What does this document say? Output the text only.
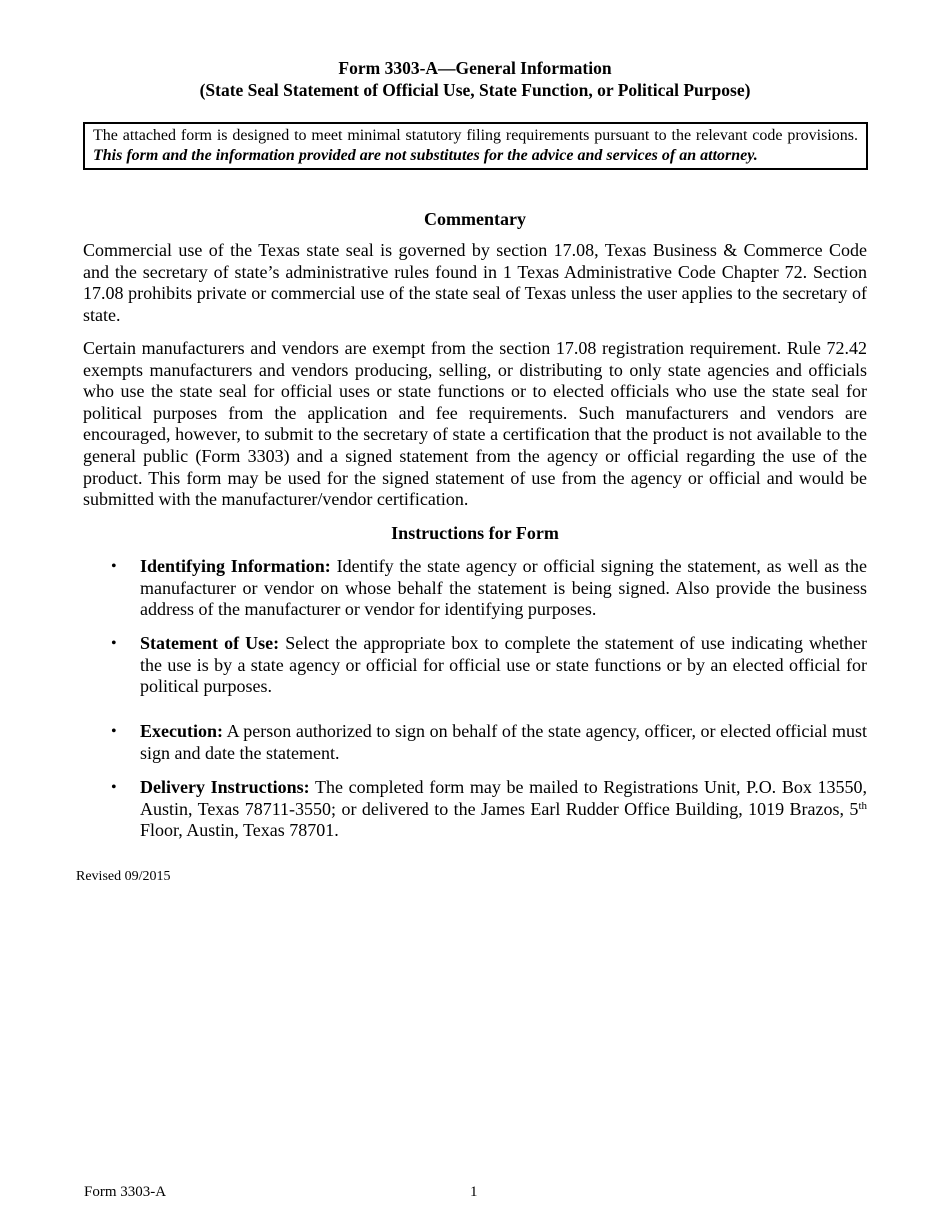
Form 3303-A—General Information
(State Seal Statement of Official Use, State Function, or Political Purpose)
The attached form is designed to meet minimal statutory filing requirements pursuant to the relevant code provisions. This form and the information provided are not substitutes for the advice and services of an attorney.
Commentary
Commercial use of the Texas state seal is governed by section 17.08, Texas Business & Commerce Code and the secretary of state’s administrative rules found in 1 Texas Administrative Code Chapter 72. Section 17.08 prohibits private or commercial use of the state seal of Texas unless the user applies to the secretary of state.
Certain manufacturers and vendors are exempt from the section 17.08 registration requirement. Rule 72.42 exempts manufacturers and vendors producing, selling, or distributing to only state agencies and officials who use the state seal for official uses or state functions or to elected officials who use the state seal for political purposes from the application and fee requirements. Such manufacturers and vendors are encouraged, however, to submit to the secretary of state a certification that the product is not available to the general public (Form 3303) and a signed statement from the agency or official regarding the use of the product. This form may be used for the signed statement of use from the agency or official and would be submitted with the manufacturer/vendor certification.
Instructions for Form
• Identifying Information: Identify the state agency or official signing the statement, as well as the manufacturer or vendor on whose behalf the statement is being signed. Also provide the business address of the manufacturer or vendor for identifying purposes.
• Statement of Use: Select the appropriate box to complete the statement of use indicating whether the use is by a state agency or official for official use or state functions or by an elected official for political purposes.
• Execution: A person authorized to sign on behalf of the state agency, officer, or elected official must sign and date the statement.
• Delivery Instructions: The completed form may be mailed to Registrations Unit, P.O. Box 13550, Austin, Texas 78711-3550; or delivered to the James Earl Rudder Office Building, 1019 Brazos, 5th Floor, Austin, Texas 78701.
Revised 09/2015
Form 3303-A	1
